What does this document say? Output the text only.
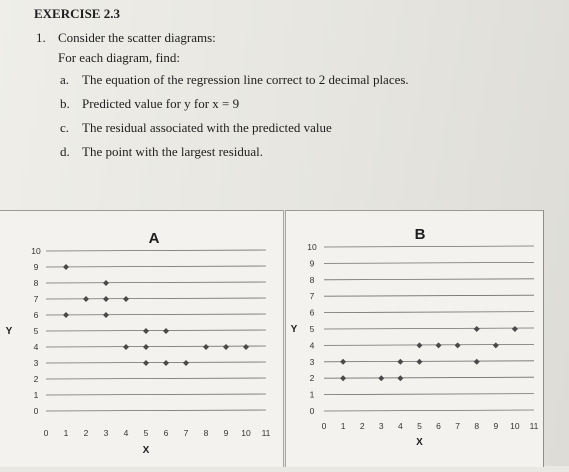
EXERCISE 2.3
1. Consider the scatter diagrams:
For each diagram, find:
a. The equation of the regression line correct to 2 decimal places.
b. Predicted value for y for x = 9
c. The residual associated with the predicted value
d. The point with the largest residual.
A
0
1
2
3
4
5
6
7
8
9
10
0 1 2 3 4 5 6 7 8 9 10 11
X
Y
B
0
1
2
3
4
5
6
7
8
9
10
0 1 2 3 4 5 6 7 8 9 10 11
X
Y
